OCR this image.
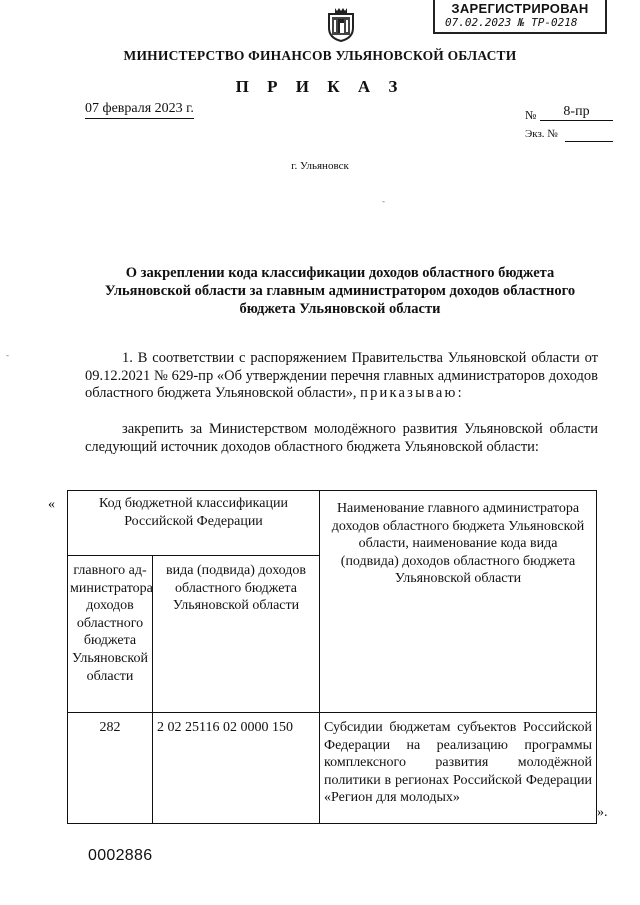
ЗАРЕГИСТРИРОВАН
07.02.2023 № ТР-0218
МИНИСТЕРСТВО ФИНАНСОВ УЛЬЯНОВСКОЙ ОБЛАСТИ
П Р И К А З
07 февраля 2023 г.	№	8-пр
Экз. №
г. Ульяновск
-
-
О закреплении кода классификации доходов областного бюджета Ульяновской области за главным администратором доходов областного бюджета Ульяновской области
1. В соответствии с распоряжением Правительства Ульяновской области от 09.12.2021 № 629-пр «Об утверждении перечня главных администраторов доходов областного бюджета Ульяновской области», приказываю:
закрепить за Министерством молодёжного развития Ульяновской области следующий источник доходов областного бюджета Ульяновской области:
«	Код бюджетной классификации Российской Федерации		Наименование главного администратора доходов областного бюджета Ульяновской области, наименование кода вида (подвида) доходов областного бюджета Ульяновской области
главного ад-министратора доходов областного бюджета Ульяновской области	вида (подвида) доходов областного бюджета Ульяновской области	
282	2 02 25116 02 0000 150	Субсидии бюджетам субъектов Российской Федерации на реализацию программы комплексного развития молодёжной политики в регионах Российской Федерации «Регион для молодых»
».
0002886
